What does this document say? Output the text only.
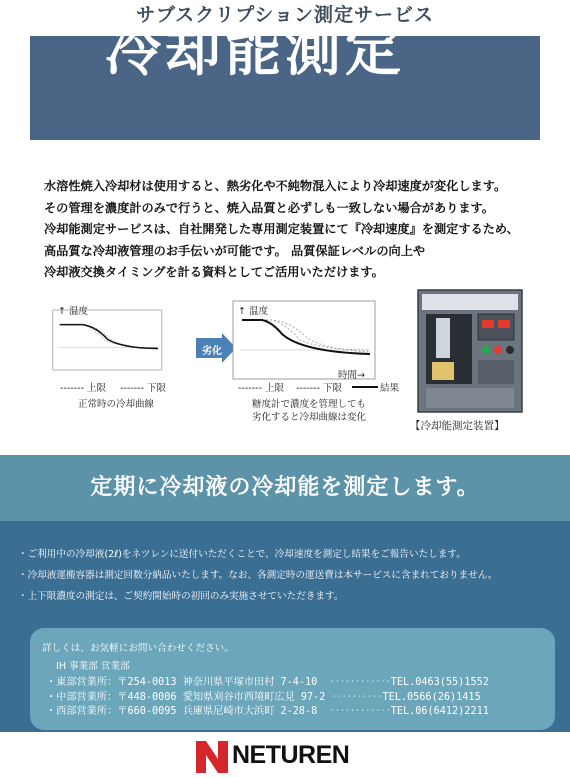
サブスクリプション測定サービス
冷却能測定

水溶性焼入冷却材は使用すると、熱劣化や不純物混入により冷却速度が変化します。

その管理を濃度計のみで行うと、焼入品質と必ずしも一致しない場合があります。

冷却能測定サービスは、自社開発した専用測定装置にて『冷却速度』を測定するため、

高品質な冷却液管理のお手伝いが可能です。 品質保証レベルの向上や

冷却液交換タイミングを計る資料としてご活用いただけます。

↑ 温度
------- 上限 ------- 下限
正常時の冷却曲線
劣化
↑ 温度
時間→
------- 上限 ------- 下限	結果
糖度計で濃度を管理しても
劣化すると冷却曲線は変化
【冷却能測定装置】
定期に冷却液の冷却能を測定します。
・ご利用中の冷却液(2ℓ)をネツレンに送付いただくことで、冷却速度を測定し結果をご報告いたします。
・冷却液運搬容器は測定回数分納品いたします。なお、各測定時の運送費は本サービスに含まれておりません。
・上下限濃度の測定は、ご契約開始時の初回のみ実施させていただきます。
詳しくは、お気軽にお問い合わせください。
IH 事業部 営業部
・東部営業所：〒254-0013 神奈川県平塚市田村 7-4-10  ‥‥‥‥‥‥TEL.0463(55)1552
・中部営業所：〒448-0006 愛知県刈谷市西境町広見 97-2 ‥‥‥‥‥TEL.0566(26)1415
・西部営業所：〒660-0095 兵庫県尼崎市大浜町 2-28-8  ‥‥‥‥‥‥TEL.06(6412)2211
NETUREN
